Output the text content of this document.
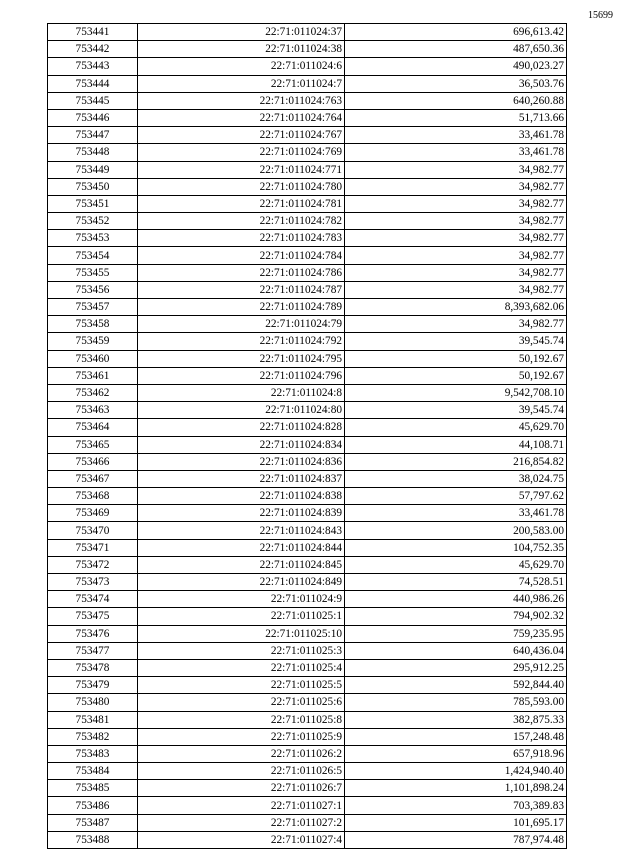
15699
753441	22:71:011024:37	696,613.42
753442	22:71:011024:38	487,650.36
753443	22:71:011024:6	490,023.27
753444	22:71:011024:7	36,503.76
753445	22:71:011024:763	640,260.88
753446	22:71:011024:764	51,713.66
753447	22:71:011024:767	33,461.78
753448	22:71:011024:769	33,461.78
753449	22:71:011024:771	34,982.77
753450	22:71:011024:780	34,982.77
753451	22:71:011024:781	34,982.77
753452	22:71:011024:782	34,982.77
753453	22:71:011024:783	34,982.77
753454	22:71:011024:784	34,982.77
753455	22:71:011024:786	34,982.77
753456	22:71:011024:787	34,982.77
753457	22:71:011024:789	8,393,682.06
753458	22:71:011024:79	34,982.77
753459	22:71:011024:792	39,545.74
753460	22:71:011024:795	50,192.67
753461	22:71:011024:796	50,192.67
753462	22:71:011024:8	9,542,708.10
753463	22:71:011024:80	39,545.74
753464	22:71:011024:828	45,629.70
753465	22:71:011024:834	44,108.71
753466	22:71:011024:836	216,854.82
753467	22:71:011024:837	38,024.75
753468	22:71:011024:838	57,797.62
753469	22:71:011024:839	33,461.78
753470	22:71:011024:843	200,583.00
753471	22:71:011024:844	104,752.35
753472	22:71:011024:845	45,629.70
753473	22:71:011024:849	74,528.51
753474	22:71:011024:9	440,986.26
753475	22:71:011025:1	794,902.32
753476	22:71:011025:10	759,235.95
753477	22:71:011025:3	640,436.04
753478	22:71:011025:4	295,912.25
753479	22:71:011025:5	592,844.40
753480	22:71:011025:6	785,593.00
753481	22:71:011025:8	382,875.33
753482	22:71:011025:9	157,248.48
753483	22:71:011026:2	657,918.96
753484	22:71:011026:5	1,424,940.40
753485	22:71:011026:7	1,101,898.24
753486	22:71:011027:1	703,389.83
753487	22:71:011027:2	101,695.17
753488	22:71:011027:4	787,974.48
